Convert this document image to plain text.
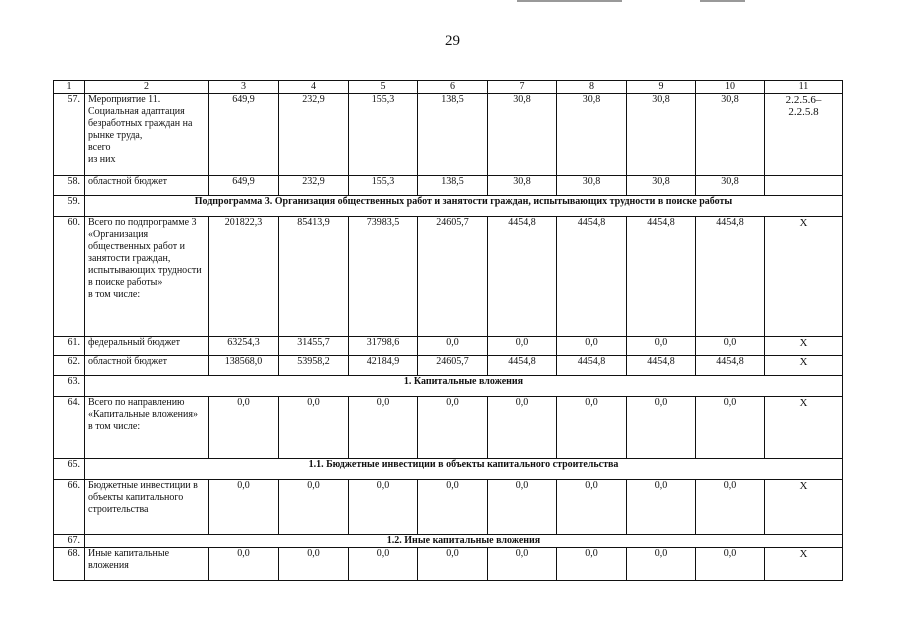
29
1	2	3	4	5	6	7	8	9	10	11
57.	Мероприятие 11.
Социальная адаптация безработных граждан на рынке труда,
всего
из них	649,9	232,9	155,3	138,5	30,8	30,8	30,8	30,8	2.2.5.6–
2.2.5.8
58.	областной бюджет	649,9	232,9	155,3	138,5	30,8	30,8	30,8	30,8	
59.	Подпрограмма 3. Организация общественных работ и занятости граждан, испытывающих трудности в поиске работы									
60.	Всего по подпрограмме 3 «Организация общественных работ и занятости граждан, испытывающих трудности в поиске работы»
в том числе:	201822,3	85413,9	73983,5	24605,7	4454,8	4454,8	4454,8	4454,8	Х
61.	федеральный бюджет	63254,3	31455,7	31798,6	0,0	0,0	0,0	0,0	0,0	Х
62.	областной бюджет	138568,0	53958,2	42184,9	24605,7	4454,8	4454,8	4454,8	4454,8	Х
63.	1. Капитальные вложения									
64.	Всего по направлению «Капитальные вложения»
в том числе:	0,0	0,0	0,0	0,0	0,0	0,0	0,0	0,0	Х
65.	1.1. Бюджетные инвестиции в объекты капитального строительства									
66.	Бюджетные инвестиции в объекты капитального строительства	0,0	0,0	0,0	0,0	0,0	0,0	0,0	0,0	Х
67.	1.2. Иные капитальные вложения									
68.	Иные капитальные вложения	0,0	0,0	0,0	0,0	0,0	0,0	0,0	0,0	Х
